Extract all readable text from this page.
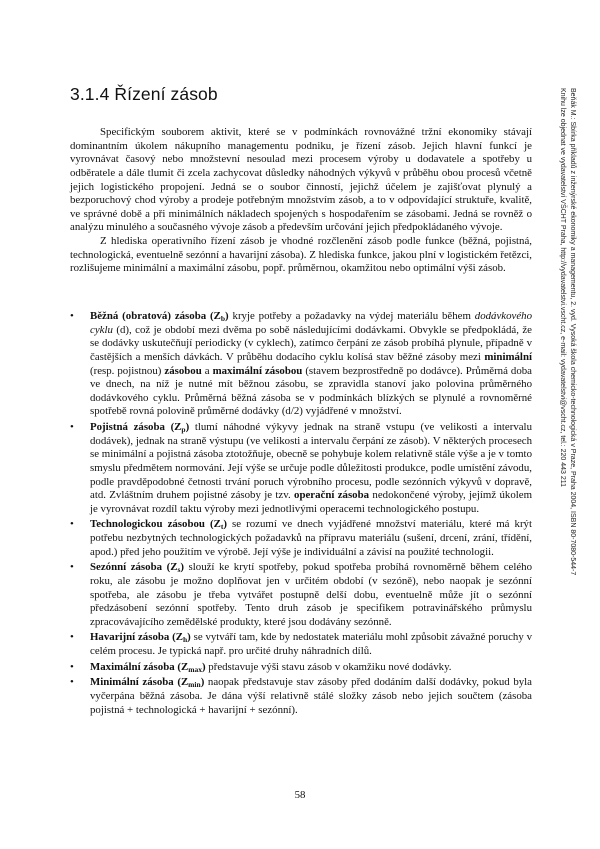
Beňák M.: Sbírka příkladů z inženýrské ekonomiky a managementu, 2. vyd. Vysoká škola chemicko-technologická v Praze, Praha 2004, ISBN 80-7080-544-7
Knihu lze objednat ve vydavatelství VŠCHT Praha, http://vydavatelstvi.vscht.cz, e-mail: vydavatelstvi@vscht.cz, tel.: 220 443 211
3.1.4 Řízení zásob

Specifickým souborem aktivit, které se v podmínkách rovnovážné tržní ekonomiky stávají dominantním úkolem nákupního managementu podniku, je řízení zásob. Jejich hlavní funkcí je vyrovnávat časový nebo množstevní nesoulad mezi procesem výroby u dodavatele a spotřeby u odběratele a dále tlumit či zcela zachycovat důsledky náhodných výkyvů v průběhu obou procesů včetně jejich logistického propojení. Jedná se o soubor činností, jejichž účelem je zajišťovat plynulý a bezporuchový chod výroby a prodeje potřebným množstvím zásob, a to v odpovídající struktuře, kvalitě, ve správné době a při minimálních nákladech spojených s hospodařením se zásobami. Jedná se rovněž o analýzu minulého a současného vývoje zásob a především určování jejich předpokládaného vývoje.

Z hlediska operativního řízení zásob je vhodné rozčlenění zásob podle funkce (běžná, pojistná, technologická, eventuelně sezónní a havarijní zásoba). Z hlediska funkce, jakou plní v logistickém řetězci, rozlišujeme minimální a maximální zásobu, popř. průměrnou, okamžitou nebo optimální výši zásob.

•	Běžná (obratová) zásoba $(Z_b)$ kryje potřeby a požadavky na výdej materiálu během dodávkového cyklu (d), což je období mezi dvěma po sobě následujícími dodávkami. Obvykle se předpokládá, že se dodávky uskutečňují periodicky (v cyklech), zatímco čerpání ze zásob probíhá plynule, případně v častějších a menších dávkách. V průběhu dodacího cyklu kolísá stav běžné zásoby mezi minimální (resp. pojistnou) zásobou a maximální zásobou (stavem bezprostředně po dodávce). Průměrná doba ve dnech, na níž je nutné mít běžnou zásobu, se zpravidla stanoví jako polovina průměrného dodávkového cyklu. Průměrná běžná zásoba se v podmínkách blízkých se plynulé a rovnoměrné spotřebě rovná polovině průměrné dodávky (d/2) vyjádřené v množství.
•	Pojistná zásoba $(Z_p)$ tlumí náhodné výkyvy jednak na straně vstupu (ve velikosti a intervalu dodávek), jednak na straně výstupu (ve velikosti a intervalu čerpání ze zásob). V některých procesech se minimální a pojistná zásoba ztotožňuje, obecně se pohybuje kolem relativně stále výše a je v tomto smyslu předmětem normování. Její výše se určuje podle důležitosti produkce, podle umístění závodu, podle pravděpodobné četnosti trvání poruch výrobního procesu, podle sezónních výkyvů v dopravě, atd. Zvláštním druhem pojistné zásoby je tzv. operační zásoba nedokončené výroby, jejímž úkolem je vyrovnávat rozdíl taktu výroby mezi jednotlivými operacemi technologického postupu.
•	Technologickou zásobou $(Z_t)$ se rozumí ve dnech vyjádřené množství materiálu, které má krýt potřebu nezbytných technologických požadavků na přípravu materiálu (sušení, drcení, zrání, třídění, apod.) před jeho použitím ve výrobě. Její výše je individuální a závisí na použité technologii.
•	Sezónní zásoba $(Z_s)$ slouží ke krytí spotřeby, pokud spotřeba probíhá rovnoměrně během celého roku, ale zásobu je možno doplňovat jen v určitém období (v sezóně), nebo naopak je sezónní spotřeba, ale zásobu je třeba vytvářet postupně delší dobu, eventuelně může jít o sezónní předzásobení sezónní spotřeby. Tento druh zásob je specifikem potravinářského průmyslu zpracovávajícího zemědělské produkty, které jsou dodávány sezónně.
•	Havarijní zásoba $(Z_h)$ se vytváří tam, kde by nedostatek materiálu mohl způsobit závažné poruchy v celém procesu. Je typická např. pro určité druhy náhradních dílů.
•	Maximální zásoba $(Z_{max})$ představuje výši stavu zásob v okamžiku nové dodávky.
•	Minimální zásoba $(Z_{min})$ naopak představuje stav zásoby před dodáním další dodávky, pokud byla vyčerpána běžná zásoba. Je dána výší relativně stálé složky zásob nebo jejich součtem (zásoba pojistná + technologická + havarijní + sezónní).
58
